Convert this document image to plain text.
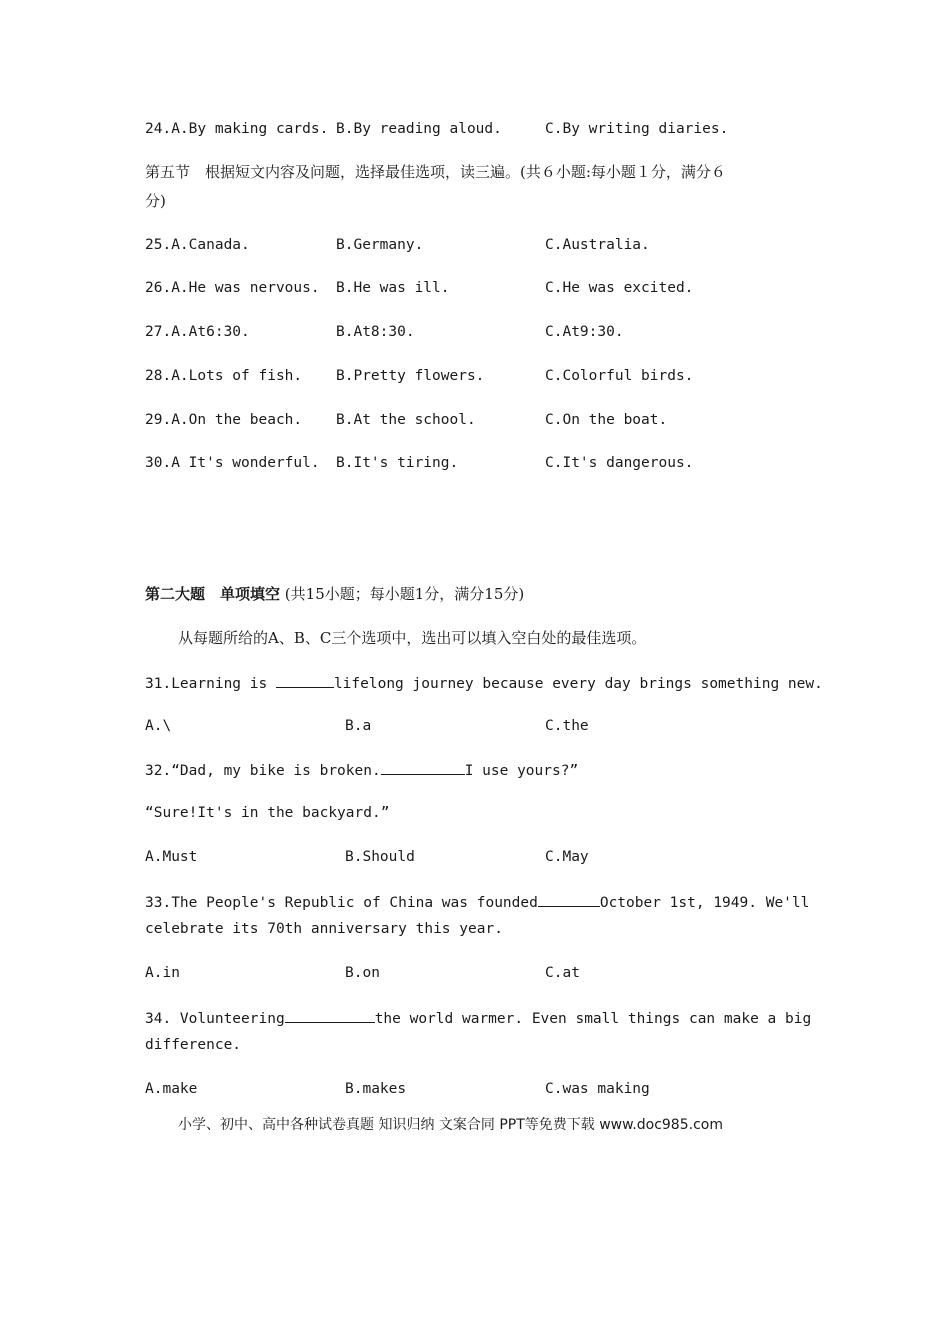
24.A.By making cards. B.By reading aloud.	C.By writing diaries.
第五节　根据短文内容及问题，选择最佳选项，读三遍。(共６小题:每小题１分，满分６
分)
25.A.Canada.	B.Germany.	C.Australia.
26.A.He was nervous. B.He was ill.	C.He was excited.
27.A.At6:30.	B.At8:30.	C.At9:30.
28.A.Lots of fish. B.Pretty flowers.	C.Colorful birds.
29.A.On the beach. B.At the school.	C.On the boat.
30.A It's wonderful. B.It's tiring.	C.It's dangerous.
第二大题　单项填空 (共15小题；每小题1分，满分15分)
从每题所给的A、B、C三个选项中，选出可以填入空白处的最佳选项。
31.Learning is	lifelong journey because every day brings something new.
A.\	B.a	C.the
32.“Dad, my bike is broken.	I use yours?”
“Sure!It's in the backyard.”
A.Must	B.Should	C.May
33.The People's Republic of China was founded	October 1st, 1949. We'll
celebrate its 70th anniversary this year.
A.in	B.on	C.at
34. Volunteering	the world warmer. Even small things can make a big
difference.
A.make	B.makes	C.was making
小学、初中、高中各种试卷真题 知识归纳 文案合同 PPT等免费下载 www.doc985.com
